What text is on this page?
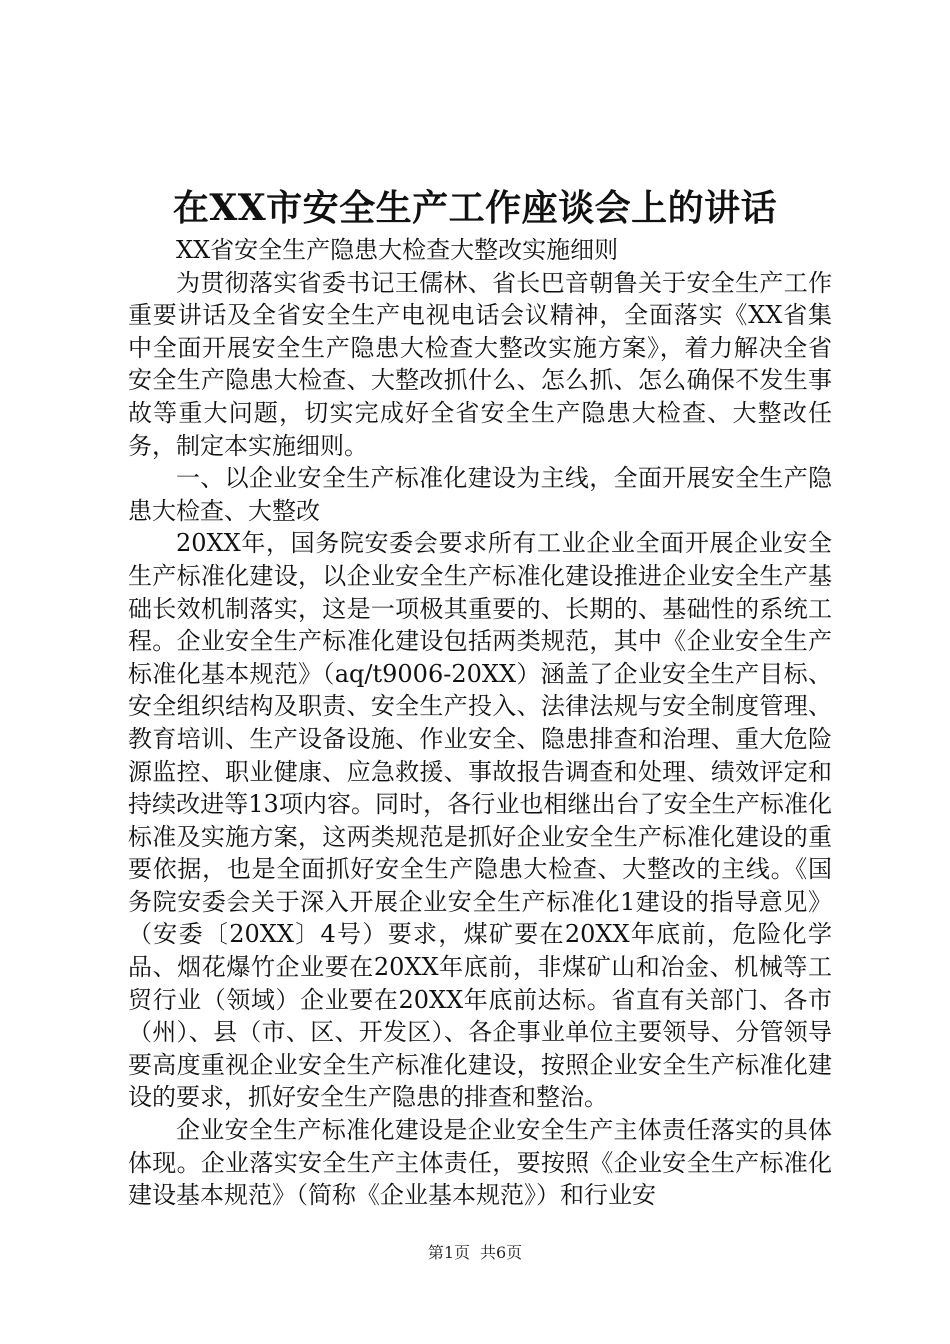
在XX市安全生产工作座谈会上的讲话

XX省安全生产隐患大检查大整改实施细则

为贯彻落实省委书记王儒林、省长巴音朝鲁关于安全生产工作重要讲话及全省安全生产电视电话会议精神，全面落实《XX省集中全面开展安全生产隐患大检查大整改实施方案》，着力解决全省安全生产隐患大检查、大整改抓什么、怎么抓、怎么确保不发生事故等重大问题，切实完成好全省安全生产隐患大检查、大整改任务，制定本实施细则。

一、以企业安全生产标准化建设为主线，全面开展安全生产隐患大检查、大整改

20XX年，国务院安委会要求所有工业企业全面开展企业安全生产标准化建设，以企业安全生产标准化建设推进企业安全生产基础长效机制落实，这是一项极其重要的、长期的、基础性的系统工程。企业安全生产标准化建设包括两类规范，其中《企业安全生产标准化基本规范》（aq/t9006-20XX）涵盖了企业安全生产目标、安全组织结构及职责、安全生产投入、法律法规与安全制度管理、教育培训、生产设备设施、作业安全、隐患排查和治理、重大危险源监控、职业健康、应急救援、事故报告调查和处理、绩效评定和持续改进等13项内容。同时，各行业也相继出台了安全生产标准化标准及实施方案，这两类规范是抓好企业安全生产标准化建设的重要依据，也是全面抓好安全生产隐患大检查、大整改的主线。《国务院安委会关于深入开展企业安全生产标准化1建设的指导意见》（安委〔20XX〕4号）要求，煤矿要在20XX年底前，危险化学品、烟花爆竹企业要在20XX年底前，非煤矿山和冶金、机械等工贸行业（领域）企业要在20XX年底前达标。省直有关部门、各市（州）、县（市、区、开发区）、各企事业单位主要领导、分管领导要高度重视企业安全生产标准化建设，按照企业安全生产标准化建设的要求，抓好安全生产隐患的排查和整治。

企业安全生产标准化建设是企业安全生产主体责任落实的具体体现。企业落实安全生产主体责任，要按照《企业安全生产标准化建设基本规范》（简称《企业基本规范》）和行业安

第1页 共6页
